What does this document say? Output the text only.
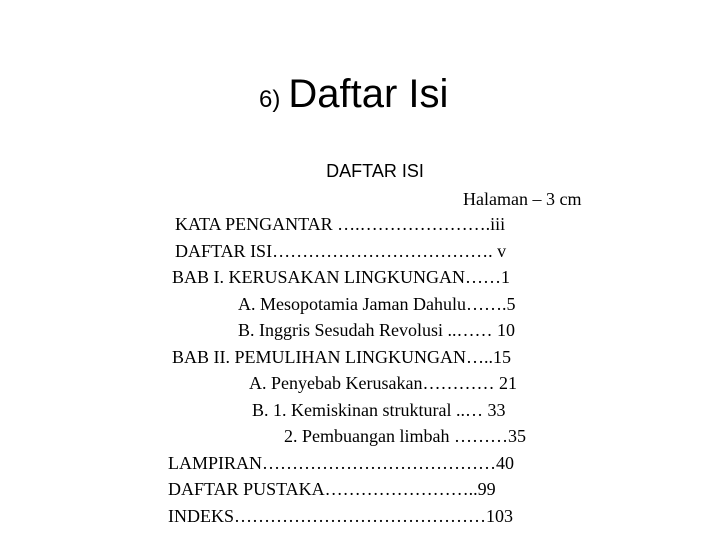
6) Daftar Isi
DAFTAR ISI
Halaman – 3 cm
KATA PENGANTAR ….………………….iii
DAFTAR ISI………………………………. v
BAB I. KERUSAKAN LINGKUNGAN……1
A. Mesopotamia Jaman Dahulu…….5
B. Inggris Sesudah Revolusi ..…… 10
BAB II. PEMULIHAN LINGKUNGAN…..15
A. Penyebab Kerusakan………… 21
B. 1. Kemiskinan struktural ..… 33
2. Pembuangan limbah ………35
LAMPIRAN…………………………………40
DAFTAR PUSTAKA……………………..99
INDEKS……………………………………103
